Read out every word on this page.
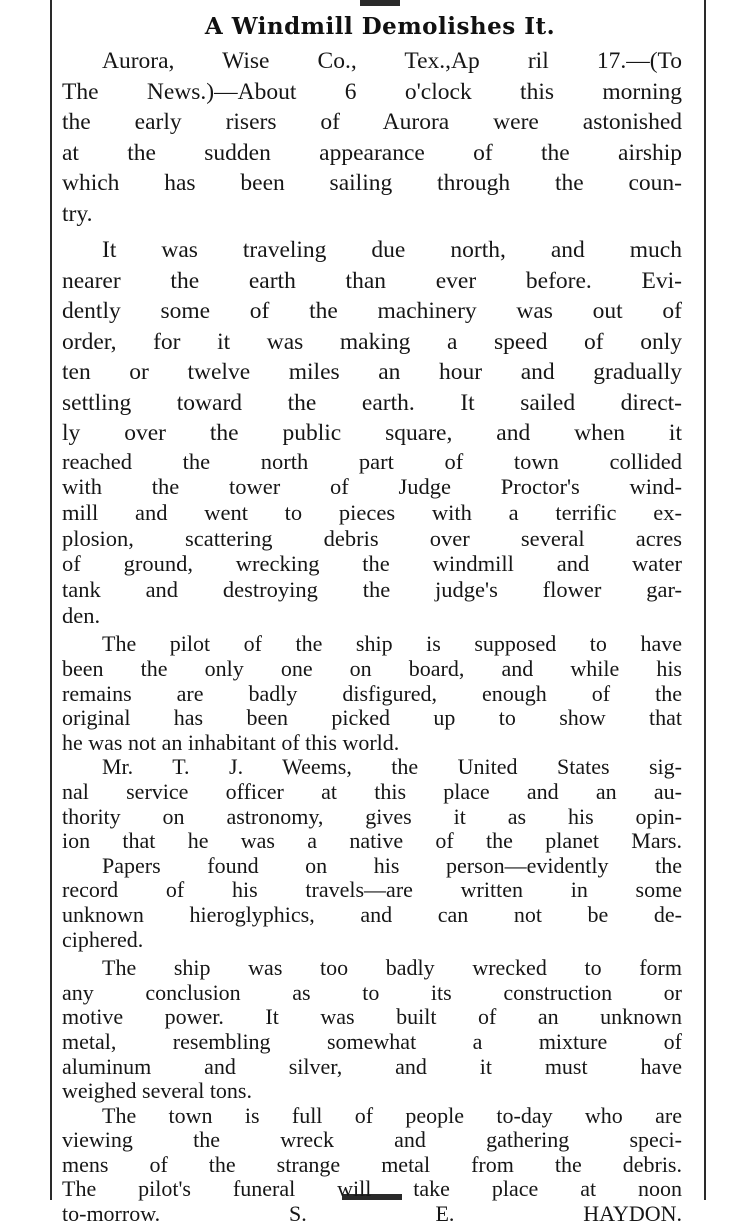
A Windmill Demolishes It.
Aurora, Wise Co., Tex.,Ap ril 17.—(To
The News.)—About 6 o'clock this morning
the early risers of Aurora were astonished
at the sudden appearance of the airship
which has been sailing through the coun-
try.
It was traveling due north, and much
nearer the earth than ever before. Evi-
dently some of the machinery was out of
order, for it was making a speed of only
ten or twelve miles an hour and gradually
settling toward the earth. It sailed direct-
ly over the public square, and when it
reached the north part of town collided
with the tower of Judge Proctor's wind-
mill and went to pieces with a terrific ex-
plosion, scattering debris over several acres
of ground, wrecking the windmill and water
tank and destroying the judge's flower gar-
den.
The pilot of the ship is supposed to have
been the only one on board, and while his
remains are badly disfigured, enough of the
original has been picked up to show that
he was not an inhabitant of this world.
Mr. T. J. Weems, the United States sig-
nal service officer at this place and an au-
thority on astronomy, gives it as his opin-
ion that he was a native of the planet Mars.
Papers found on his person—evidently the
record of his travels—are written in some
unknown hieroglyphics, and can not be de-
ciphered.
The ship was too badly wrecked to form
any conclusion as to its construction or
motive power. It was built of an unknown
metal, resembling somewhat a mixture of
aluminum and silver, and it must have
weighed several tons.
The town is full of people to-day who are
viewing the wreck and gathering speci-
mens of the strange metal from the debris.
The pilot's funeral will take place at noon
to-morrow.	S. E. HAYDON.
